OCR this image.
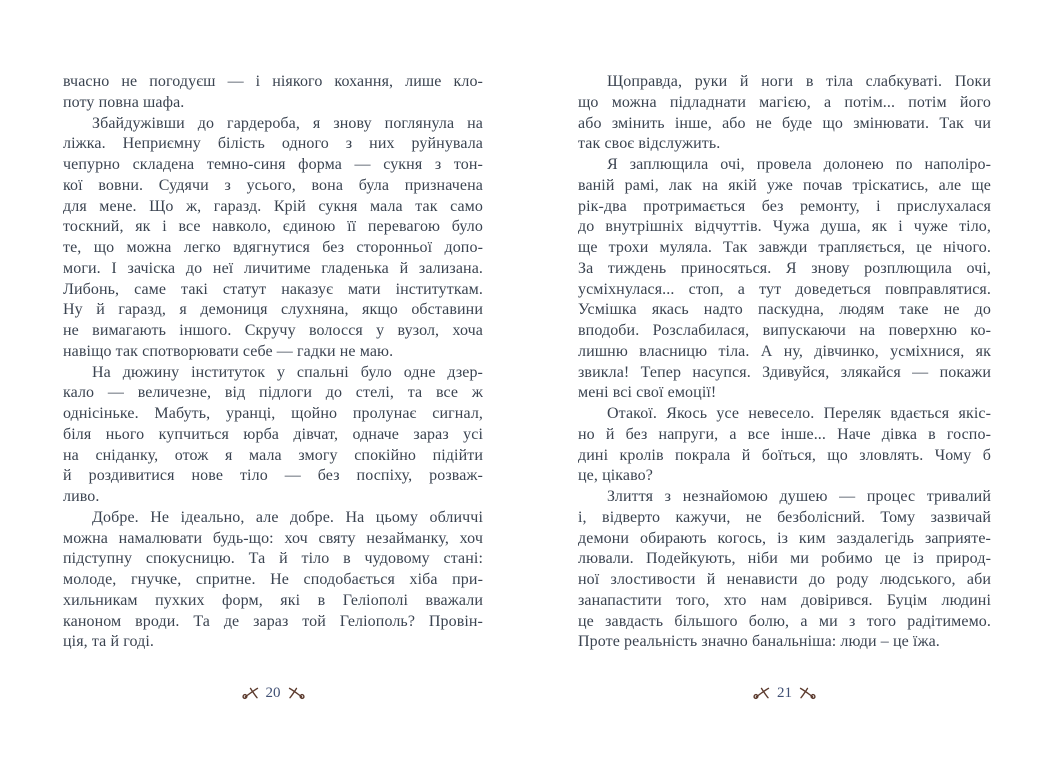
вчасно не погодуєш — і ніякого кохання, лише кло-
поту повна шафа.
Збайдужівши до гардероба, я знову поглянула на
ліжка. Неприємну білість одного з них руйнувала
чепурно складена темно-синя форма — сукня з тон-
кої вовни. Судячи з усього, вона була призначена
для мене. Що ж, гаразд. Крій сукня мала так само
тоскний, як і все навколо, єдиною її перевагою було
те, що можна легко вдягнутися без сторонньої допо-
моги. І зачіска до неї личитиме гладенька й зализана.
Либонь, саме такі статут наказує мати інституткам.
Ну й гаразд, я демониця слухняна, якщо обставини
не вимагають іншого. Скручу волосся у вузол, хоча
навіщо так спотворювати себе — гадки не маю.
На дюжину інституток у спальні було одне дзер-
кало — величезне, від підлоги до стелі, та все ж
однісіньке. Мабуть, уранці, щойно пролунає сигнал,
біля нього купчиться юрба дівчат, одначе зараз усі
на сніданку, отож я мала змогу спокійно підійти
й роздивитися нове тіло — без поспіху, розваж-
ливо.
Добре. Не ідеально, але добре. На цьому обличчі
можна намалювати будь-що: хоч святу незайманку, хоч
підступну спокусницю. Та й тіло в чудовому стані:
молоде, гнучке, спритне. Не сподобається хіба при-
хильникам пухких форм, які в Геліополі вважали
каноном вроди. Та де зараз той Геліополь? Провін-
ція, та й годі.
20
Щоправда, руки й ноги в тіла слабкуваті. Поки
що можна підладнати магією, а потім... потім його
або змінить інше, або не буде що змінювати. Так чи
так своє відслужить.
Я заплющила очі, провела долонею по наполіро-
ваній рамі, лак на якій уже почав тріскатись, але ще
рік-два протримається без ремонту, і прислухалася
до внутрішніх відчуттів. Чужа душа, як і чуже тіло,
ще трохи муляла. Так завжди трапляється, це нічого.
За тиждень приносяться. Я знову розплющила очі,
усміхнулася... стоп, а тут доведеться повправлятися.
Усмішка якась надто паскудна, людям таке не до
вподоби. Розслабилася, випускаючи на поверхню ко-
лишню власницю тіла. А ну, дівчинко, усміхнися, як
звикла! Тепер насупся. Здивуйся, злякайся — покажи
мені всі свої емоції!
Отакої. Якось усе невесело. Переляк вдається якіс-
но й без напруги, а все інше... Наче дівка в госпо-
дині кролів покрала й боїться, що зловлять. Чому б
це, цікаво?
Злиття з незнайомою душею — процес тривалий
і, відверто кажучи, не безболісний. Тому зазвичай
демони обирають когось, із ким заздалегідь заприяте-
лювали. Подейкують, ніби ми робимо це із природ-
ної злостивости й ненависти до роду людського, аби
занапастити того, хто нам довірився. Буцім людині
це завдасть більшого болю, а ми з того радітимемо.
Проте реальність значно банальніша: люди – це їжа.
21
